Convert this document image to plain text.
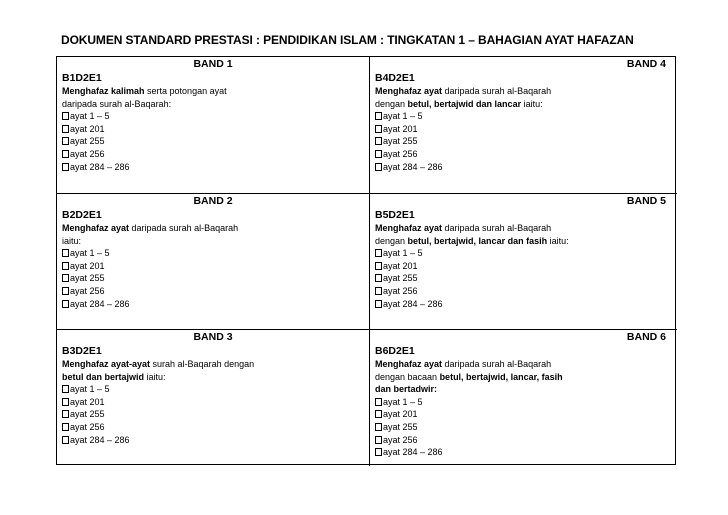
DOKUMEN STANDARD PRESTASI : PENDIDIKAN ISLAM : TINGKATAN 1 – BAHAGIAN AYAT HAFAZAN
BAND 1
B1D2E1
Menghafaz kalimah serta potongan ayat
daripada surah al-Baqarah:
ayat 1 – 5
ayat 201
ayat 255
ayat 256
ayat 284 – 286
BAND 4
B4D2E1
Menghafaz ayat daripada surah al-Baqarah
dengan betul, bertajwid dan lancar iaitu:
ayat 1 – 5
ayat 201
ayat 255
ayat 256
ayat 284 – 286
BAND 2
B2D2E1
Menghafaz ayat daripada surah al-Baqarah
iaitu:
ayat 1 – 5
ayat 201
ayat 255
ayat 256
ayat 284 – 286
BAND 5
B5D2E1
Menghafaz ayat daripada surah al-Baqarah
dengan betul, bertajwid, lancar dan fasih iaitu:
ayat 1 – 5
ayat 201
ayat 255
ayat 256
ayat 284 – 286
BAND 3
B3D2E1
Menghafaz ayat-ayat surah al-Baqarah dengan
betul dan bertajwid iaitu:
ayat 1 – 5
ayat 201
ayat 255
ayat 256
ayat 284 – 286
BAND 6
B6D2E1
Menghafaz ayat daripada surah al-Baqarah
dengan bacaan betul, bertajwid, lancar, fasih
dan bertadwir:
ayat 1 – 5
ayat 201
ayat 255
ayat 256
ayat 284 – 286
